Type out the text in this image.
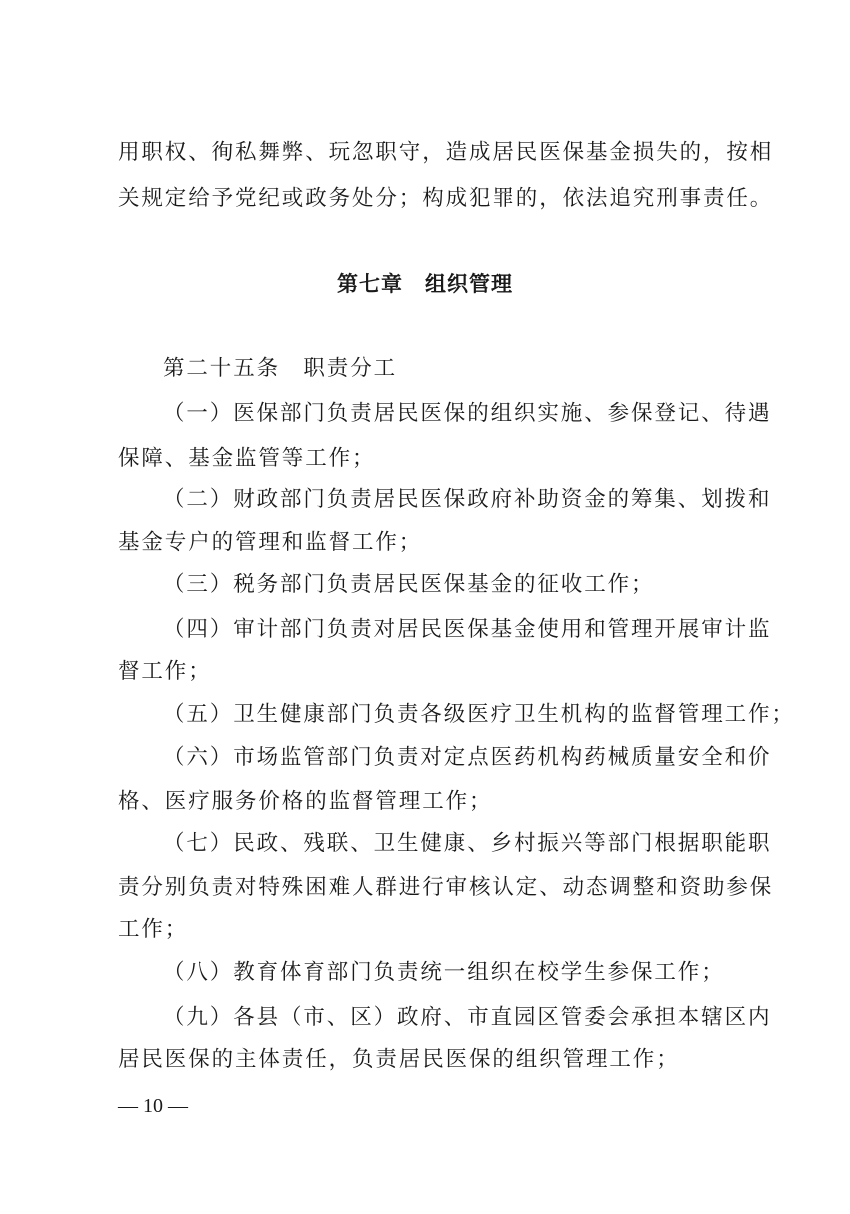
用职权、徇私舞弊、玩忽职守，造成居民医保基金损失的，按相
关规定给予党纪或政务处分；构成犯罪的，依法追究刑事责任。
第七章　组织管理
第二十五条　职责分工
（一）医保部门负责居民医保的组织实施、参保登记、待遇
保障、基金监管等工作；
（二）财政部门负责居民医保政府补助资金的筹集、划拨和
基金专户的管理和监督工作；
（三）税务部门负责居民医保基金的征收工作；
（四）审计部门负责对居民医保基金使用和管理开展审计监
督工作；
（五）卫生健康部门负责各级医疗卫生机构的监督管理工作；
（六）市场监管部门负责对定点医药机构药械质量安全和价
格、医疗服务价格的监督管理工作；
（七）民政、残联、卫生健康、乡村振兴等部门根据职能职
责分别负责对特殊困难人群进行审核认定、动态调整和资助参保
工作；
（八）教育体育部门负责统一组织在校学生参保工作；
（九）各县（市、区）政府、市直园区管委会承担本辖区内
居民医保的主体责任，负责居民医保的组织管理工作；
— 10 —
